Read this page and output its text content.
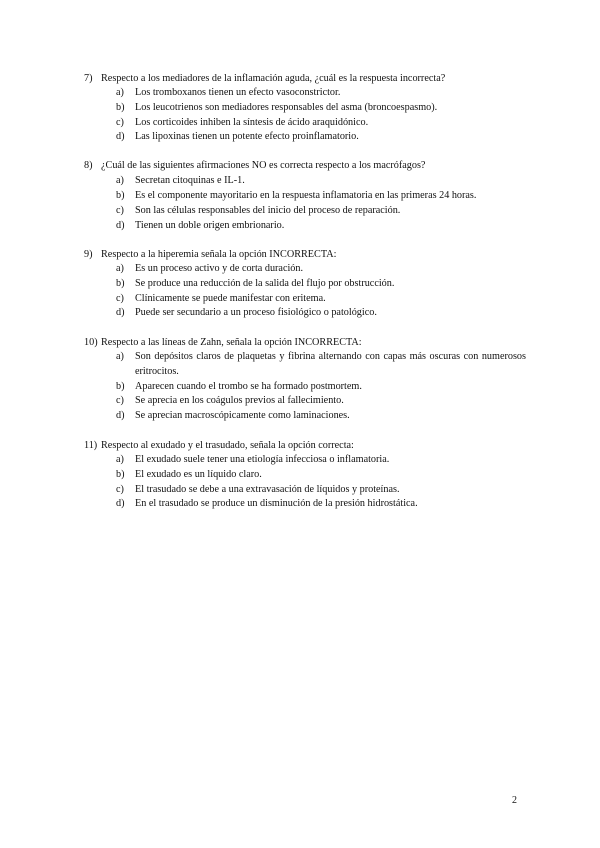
7) Respecto a los mediadores de la inflamación aguda, ¿cuál es la respuesta incorrecta?
a) Los tromboxanos tienen un efecto vasoconstrictor.
b) Los leucotrienos son mediadores responsables del asma (broncoespasmo).
c) Los corticoides inhiben la síntesis de ácido araquidónico.
d) Las lipoxinas tienen un potente efecto proinflamatorio.
8) ¿Cuál de las siguientes afirmaciones NO es correcta respecto a los macrófagos?
a) Secretan citoquinas e IL-1.
b) Es el componente mayoritario en la respuesta inflamatoria en las primeras 24 horas.
c) Son las células responsables del inicio del proceso de reparación.
d) Tienen un doble origen embrionario.
9) Respecto a la hiperemia señala la opción INCORRECTA:
a) Es un proceso activo y de corta duración.
b) Se produce una reducción de la salida del flujo por obstrucción.
c) Clínicamente se puede manifestar con eritema.
d) Puede ser secundario a un proceso fisiológico o patológico.
10) Respecto a las líneas de Zahn, señala la opción INCORRECTA:
a) Son depósitos claros de plaquetas y fibrina alternando con capas más oscuras con numerosos eritrocitos.
b) Aparecen cuando el trombo se ha formado postmortem.
c) Se aprecia en los coágulos previos al fallecimiento.
d) Se aprecian macroscópicamente como laminaciones.
11) Respecto al exudado y el trasudado, señala la opción correcta:
a) El exudado suele tener una etiología infecciosa o inflamatoria.
b) El exudado es un líquido claro.
c) El trasudado se debe a una extravasación de líquidos y proteínas.
d) En el trasudado se produce un disminución de la presión hidrostática.
2
